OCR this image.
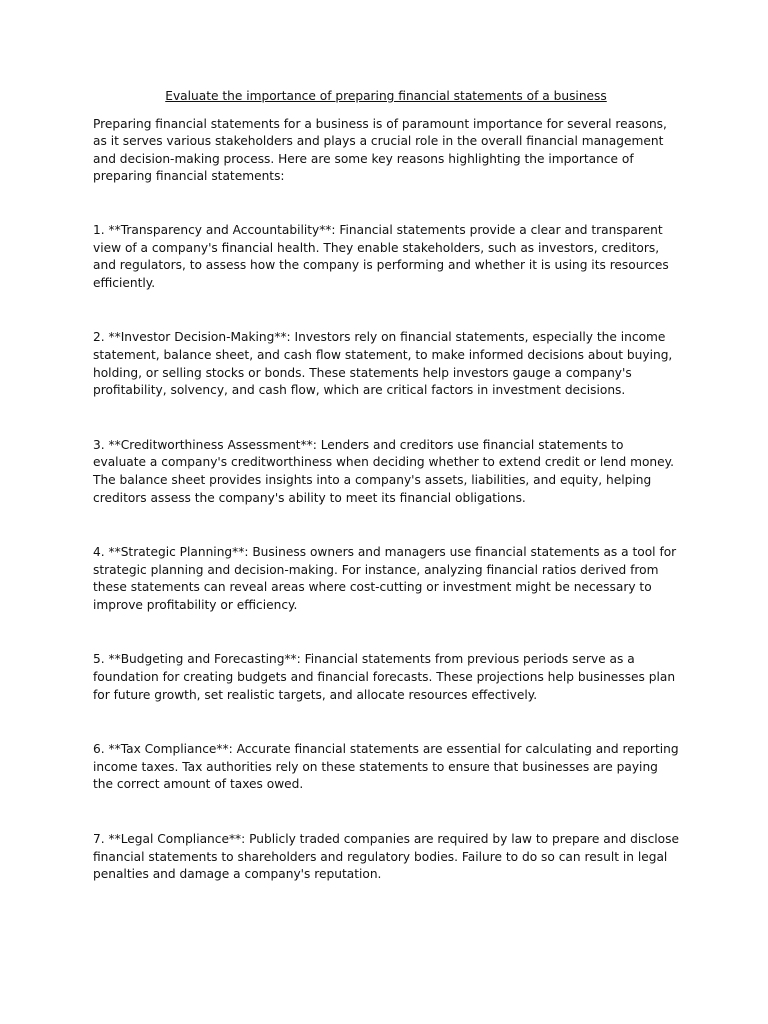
Evaluate the importance of preparing financial statements of a business

Preparing financial statements for a business is of paramount importance for several reasons, as it serves various stakeholders and plays a crucial role in the overall financial management and decision-making process. Here are some key reasons highlighting the importance of preparing financial statements:

1. **Transparency and Accountability**: Financial statements provide a clear and transparent view of a company's financial health. They enable stakeholders, such as investors, creditors, and regulators, to assess how the company is performing and whether it is using its resources efficiently.

2. **Investor Decision-Making**: Investors rely on financial statements, especially the income statement, balance sheet, and cash flow statement, to make informed decisions about buying, holding, or selling stocks or bonds. These statements help investors gauge a company's profitability, solvency, and cash flow, which are critical factors in investment decisions.

3. **Creditworthiness Assessment**: Lenders and creditors use financial statements to evaluate a company's creditworthiness when deciding whether to extend credit or lend money. The balance sheet provides insights into a company's assets, liabilities, and equity, helping creditors assess the company's ability to meet its financial obligations.

4. **Strategic Planning**: Business owners and managers use financial statements as a tool for strategic planning and decision-making. For instance, analyzing financial ratios derived from these statements can reveal areas where cost-cutting or investment might be necessary to improve profitability or efficiency.

5. **Budgeting and Forecasting**: Financial statements from previous periods serve as a foundation for creating budgets and financial forecasts. These projections help businesses plan for future growth, set realistic targets, and allocate resources effectively.

6. **Tax Compliance**: Accurate financial statements are essential for calculating and reporting income taxes. Tax authorities rely on these statements to ensure that businesses are paying the correct amount of taxes owed.

7. **Legal Compliance**: Publicly traded companies are required by law to prepare and disclose financial statements to shareholders and regulatory bodies. Failure to do so can result in legal penalties and damage a company's reputation.
